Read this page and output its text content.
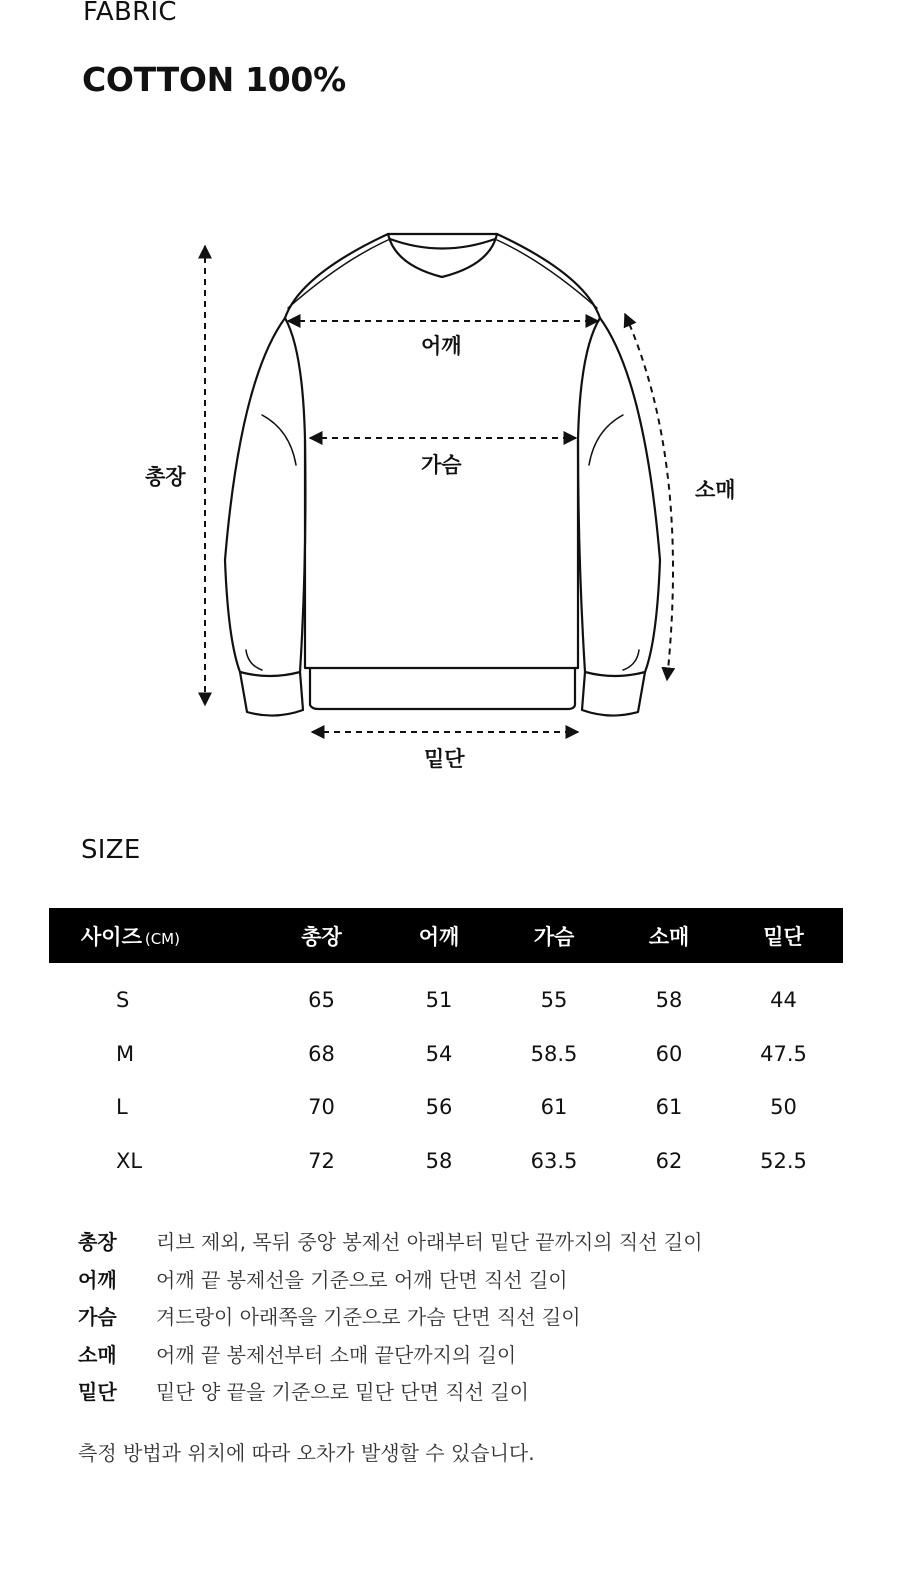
FABRIC
COTTON 100%
어깨
가슴
총장
소매
밑단
SIZE
사이즈 (CM)	총장	어깨	가슴	소매	밑단
S	65	51	55	58	44
M	68	54	58.5	60	47.5
L	70	56	61	61	50
XL	72	58	63.5	62	52.5
총장	리브 제외, 목뒤 중앙 봉제선 아래부터 밑단 끝까지의 직선 길이
어깨	어깨 끝 봉제선을 기준으로 어깨 단면 직선 길이
가슴	겨드랑이 아래쪽을 기준으로 가슴 단면 직선 길이
소매	어깨 끝 봉제선부터 소매 끝단까지의 길이
밑단	밑단 양 끝을 기준으로 밑단 단면 직선 길이
측정 방법과 위치에 따라 오차가 발생할 수 있습니다.
